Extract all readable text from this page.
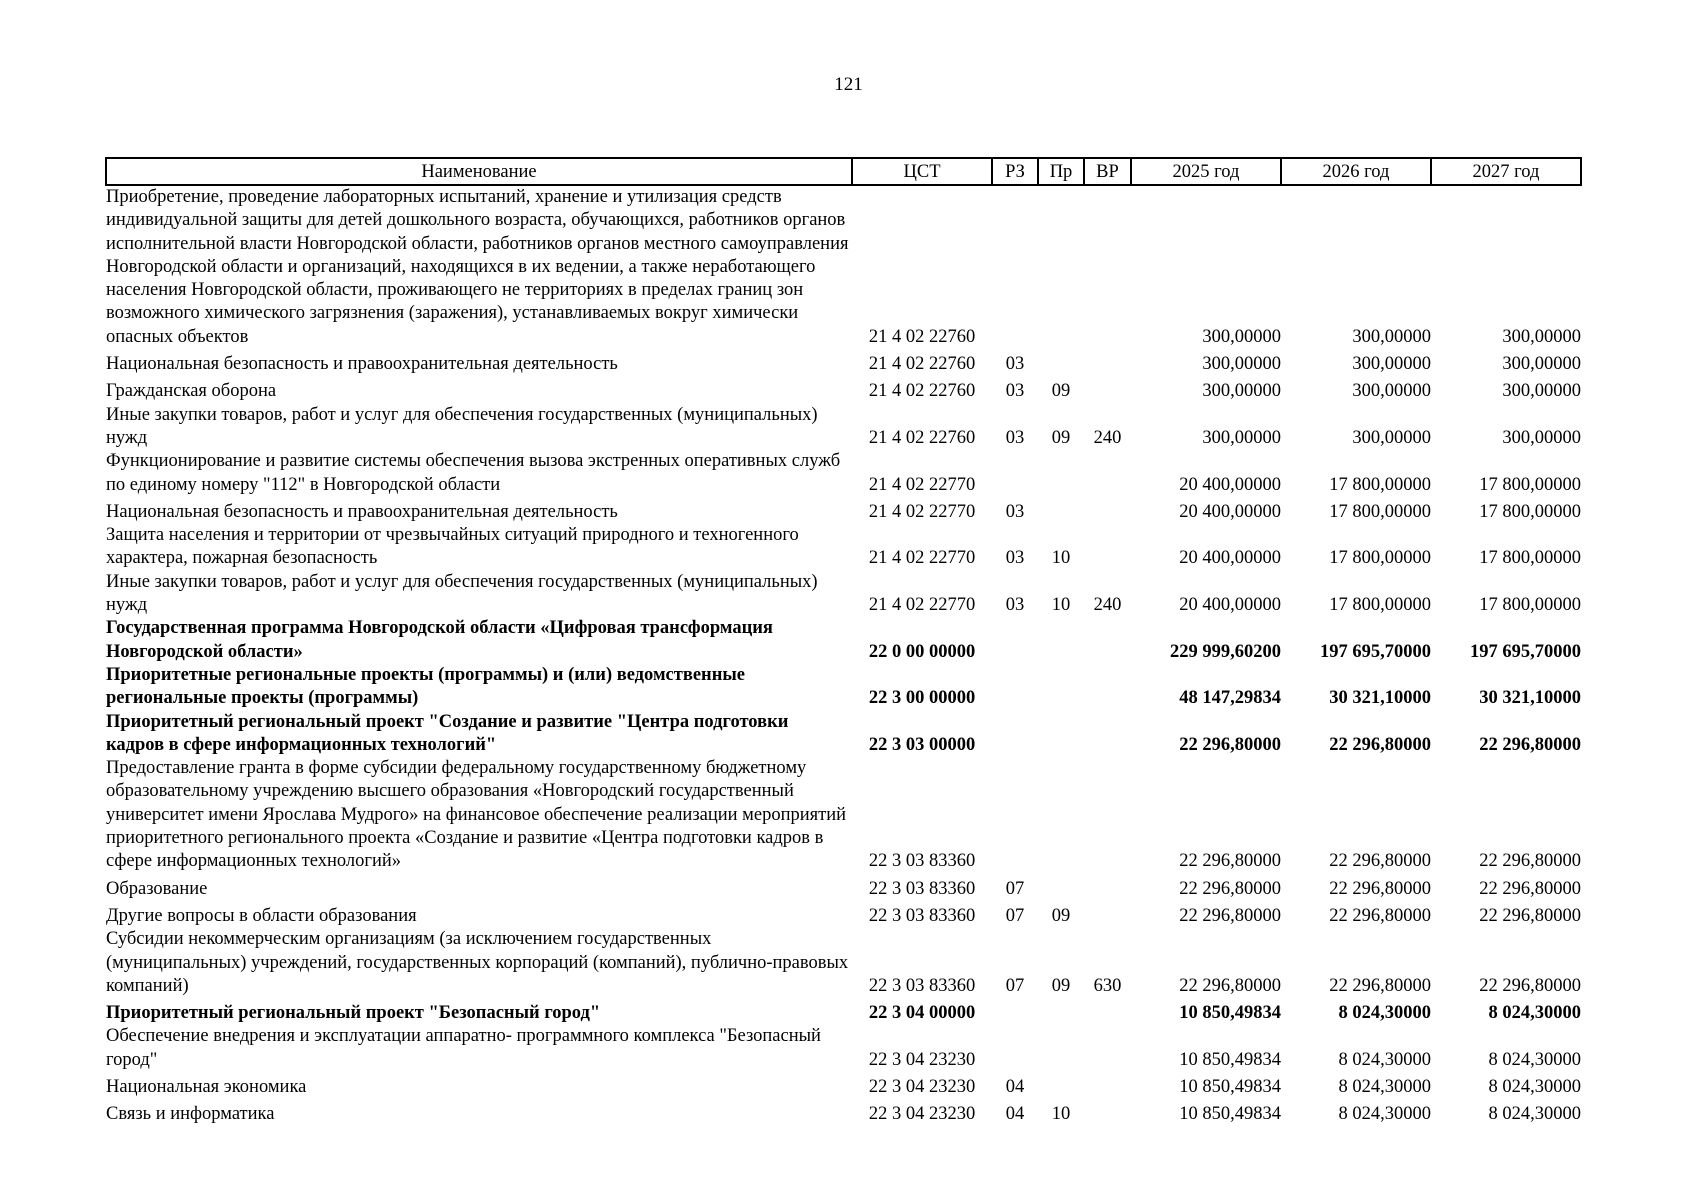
121
Наименование	ЦСТ	РЗ	Пр	ВР	2025 год	2026 год	2027 год
Приобретение, проведение лабораторных испытаний, хранение и утилизация средств индивидуальной защиты для детей дошкольного возраста, обучающихся, работников органов исполнительной власти Новгородской области, работников органов местного самоуправления Новгородской области и организаций, находящихся в их ведении, а также неработающего населения Новгородской области, проживающего не территориях в пределах границ зон возможного химического загрязнения (заражения), устанавливаемых вокруг химически опасных объектов	21 4 02 22760				300,00000	300,00000	300,00000
Национальная безопасность и правоохранительная деятельность	21 4 02 22760	03			300,00000	300,00000	300,00000
Гражданская оборона	21 4 02 22760	03	09		300,00000	300,00000	300,00000
Иные закупки товаров, работ и услуг для обеспечения государственных (муниципальных) нужд	21 4 02 22760	03	09	240	300,00000	300,00000	300,00000
Функционирование и развитие системы обеспечения вызова экстренных оперативных служб по единому номеру "112" в Новгородской области	21 4 02 22770				20 400,00000	17 800,00000	17 800,00000
Национальная безопасность и правоохранительная деятельность	21 4 02 22770	03			20 400,00000	17 800,00000	17 800,00000
Защита населения и территории от чрезвычайных ситуаций природного и техногенного характера, пожарная безопасность	21 4 02 22770	03	10		20 400,00000	17 800,00000	17 800,00000
Иные закупки товаров, работ и услуг для обеспечения государственных (муниципальных) нужд	21 4 02 22770	03	10	240	20 400,00000	17 800,00000	17 800,00000
Государственная программа Новгородской области «Цифровая трансформация Новгородской области»	22 0 00 00000				229 999,60200	197 695,70000	197 695,70000
Приоритетные региональные проекты (программы) и (или) ведомственные региональные проекты (программы)	22 3 00 00000				48 147,29834	30 321,10000	30 321,10000
Приоритетный региональный проект "Создание и развитие "Центра подготовки кадров в сфере информационных технологий"	22 3 03 00000				22 296,80000	22 296,80000	22 296,80000
Предоставление гранта в форме субсидии федеральному государственному бюджетному образовательному учреждению высшего образования «Новгородский государственный университет имени Ярослава Мудрого» на финансовое обеспечение реализации мероприятий приоритетного регионального проекта «Создание и развитие «Центра подготовки кадров в сфере информационных технологий»	22 3 03 83360				22 296,80000	22 296,80000	22 296,80000
Образование	22 3 03 83360	07			22 296,80000	22 296,80000	22 296,80000
Другие вопросы в области образования	22 3 03 83360	07	09		22 296,80000	22 296,80000	22 296,80000
Субсидии некоммерческим организациям (за исключением государственных (муниципальных) учреждений, государственных корпораций (компаний), публично-правовых компаний)	22 3 03 83360	07	09	630	22 296,80000	22 296,80000	22 296,80000
Приоритетный региональный проект "Безопасный город"	22 3 04 00000				10 850,49834	8 024,30000	8 024,30000
Обеспечение внедрения и эксплуатации аппаратно- программного комплекса "Безопасный город"	22 3 04 23230				10 850,49834	8 024,30000	8 024,30000
Национальная экономика	22 3 04 23230	04			10 850,49834	8 024,30000	8 024,30000
Связь и информатика	22 3 04 23230	04	10		10 850,49834	8 024,30000	8 024,30000
